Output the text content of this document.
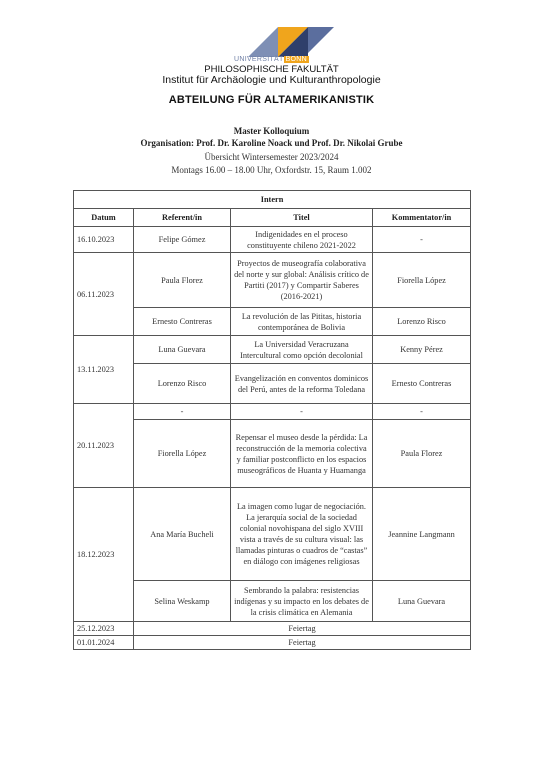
UNIVERSITÄT BONN
PHILOSOPHISCHE FAKULTÄT
Institut für Archäologie und Kulturanthropologie
ABTEILUNG FÜR ALTAMERIKANISTIK
Master Kolloquium
Organisation: Prof. Dr. Karoline Noack und Prof. Dr. Nikolai Grube
Übersicht Wintersemester 2023/2024
Montags 16.00 – 18.00 Uhr, Oxfordstr. 15, Raum 1.002
Intern			
Datum	Referent/in	Titel	Kommentator/in
16.10.2023	Felipe Gómez	Indigenidades en el proceso constituyente chileno 2021-2022	-
06.11.2023	Paula Florez	Proyectos de museografía colaborativa del norte y sur global: Análisis crítico de Partiti (2017) y Compartir Saberes (2016-2021)	Fiorella López
	Ernesto Contreras	La revolución de las Pititas, historia contemporánea de Bolivia	Lorenzo Risco
13.11.2023	Luna Guevara	La Universidad Veracruzana Intercultural como opción decolonial	Kenny Pérez
	Lorenzo Risco	Evangelización en conventos dominicos del Perú, antes de la reforma Toledana	Ernesto Contreras
20.11.2023	-	-	-
	Fiorella López	Repensar el museo desde la pérdida: La reconstrucción de la memoria colectiva y familiar postconflicto en los espacios museográficos de Huanta y Huamanga	Paula Florez
18.12.2023	Ana María Bucheli	La imagen como lugar de negociación. La jerarquía social de la sociedad colonial novohispana del siglo XVIII vista a través de su cultura visual: las llamadas pinturas o cuadros de “castas” en diálogo con imágenes religiosas	Jeannine Langmann
	Selina Weskamp	Sembrando la palabra: resistencias indígenas y su impacto en los debates de la crisis climática en Alemania	Luna Guevara
25.12.2023	Feiertag		
01.01.2024	Feiertag		
